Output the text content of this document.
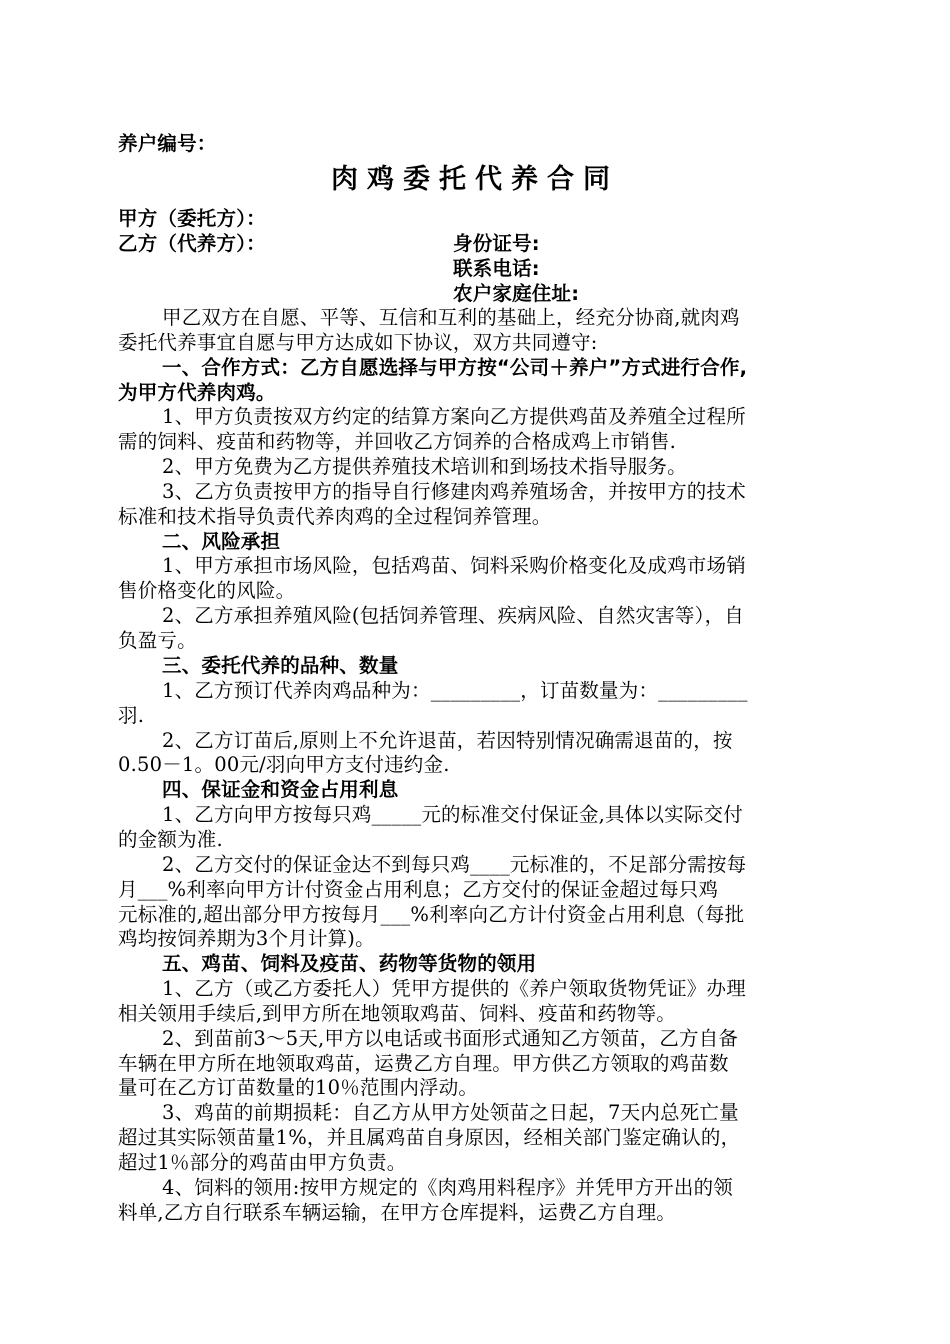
养户编号：
肉鸡委托代养合同
甲方（委托方）：
乙方（代养方）：	身份证号:
联系电话:
农户家庭住址:
甲乙双方在自愿、平等、互信和互利的基础上，经充分协商,就肉鸡
委托代养事宜自愿与甲方达成如下协议，双方共同遵守:
一、合作方式：乙方自愿选择与甲方按“公司＋养户”方式进行合作,
为甲方代养肉鸡。
1、甲方负责按双方约定的结算方案向乙方提供鸡苗及养殖全过程所
需的饲料、疫苗和药物等，并回收乙方饲养的合格成鸡上市销售.
2、甲方免费为乙方提供养殖技术培训和到场技术指导服务。
3、乙方负责按甲方的指导自行修建肉鸡养殖场舍，并按甲方的技术
标准和技术指导负责代养肉鸡的全过程饲养管理。
二、风险承担
1、甲方承担市场风险，包括鸡苗、饲料采购价格变化及成鸡市场销
售价格变化的风险。
2、乙方承担养殖风险(包括饲养管理、疾病风险、自然灾害等），自
负盈亏。
三、委托代养的品种、数量
1、乙方预订代养肉鸡品种为：_________，订苗数量为：_________
羽.
2、乙方订苗后,原则上不允许退苗，若因特别情况确需退苗的，按
0.50－1。00元/羽向甲方支付违约金.
四、保证金和资金占用利息
1、乙方向甲方按每只鸡_____元的标准交付保证金,具体以实际交付
的金额为准.
2、乙方交付的保证金达不到每只鸡____元标准的，不足部分需按每
月___%利率向甲方计付资金占用利息；乙方交付的保证金超过每只鸡
元标准的,超出部分甲方按每月___%利率向乙方计付资金占用利息（每批
鸡均按饲养期为3个月计算)。
五、鸡苗、饲料及疫苗、药物等货物的领用
1、乙方（或乙方委托人）凭甲方提供的《养户领取货物凭证》办理
相关领用手续后,到甲方所在地领取鸡苗、饲料、疫苗和药物等。
2、到苗前3～5天,甲方以电话或书面形式通知乙方领苗，乙方自备
车辆在甲方所在地领取鸡苗，运费乙方自理。甲方供乙方领取的鸡苗数
量可在乙方订苗数量的10％范围内浮动。
3、鸡苗的前期损耗：自乙方从甲方处领苗之日起，7天内总死亡量
超过其实际领苗量1%，并且属鸡苗自身原因，经相关部门鉴定确认的，
超过1％部分的鸡苗由甲方负责。
4、饲料的领用:按甲方规定的《肉鸡用料程序》并凭甲方开出的领
料单,乙方自行联系车辆运输，在甲方仓库提料，运费乙方自理。
